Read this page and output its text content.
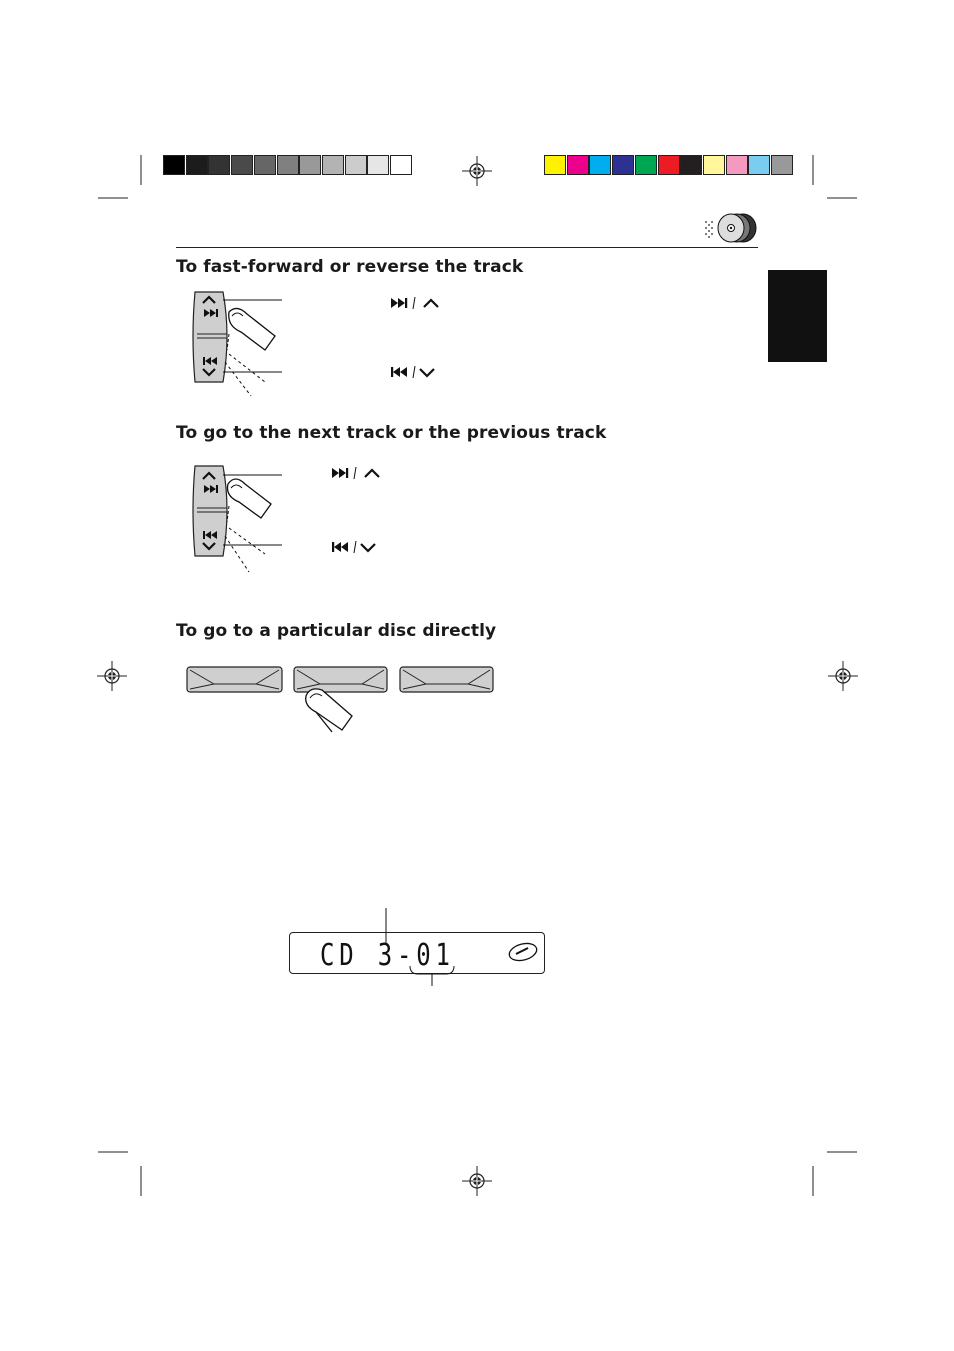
To fast-forward or reverse the track
To go to the next track or the previous track
To go to a particular disc directly
CD 3-01
